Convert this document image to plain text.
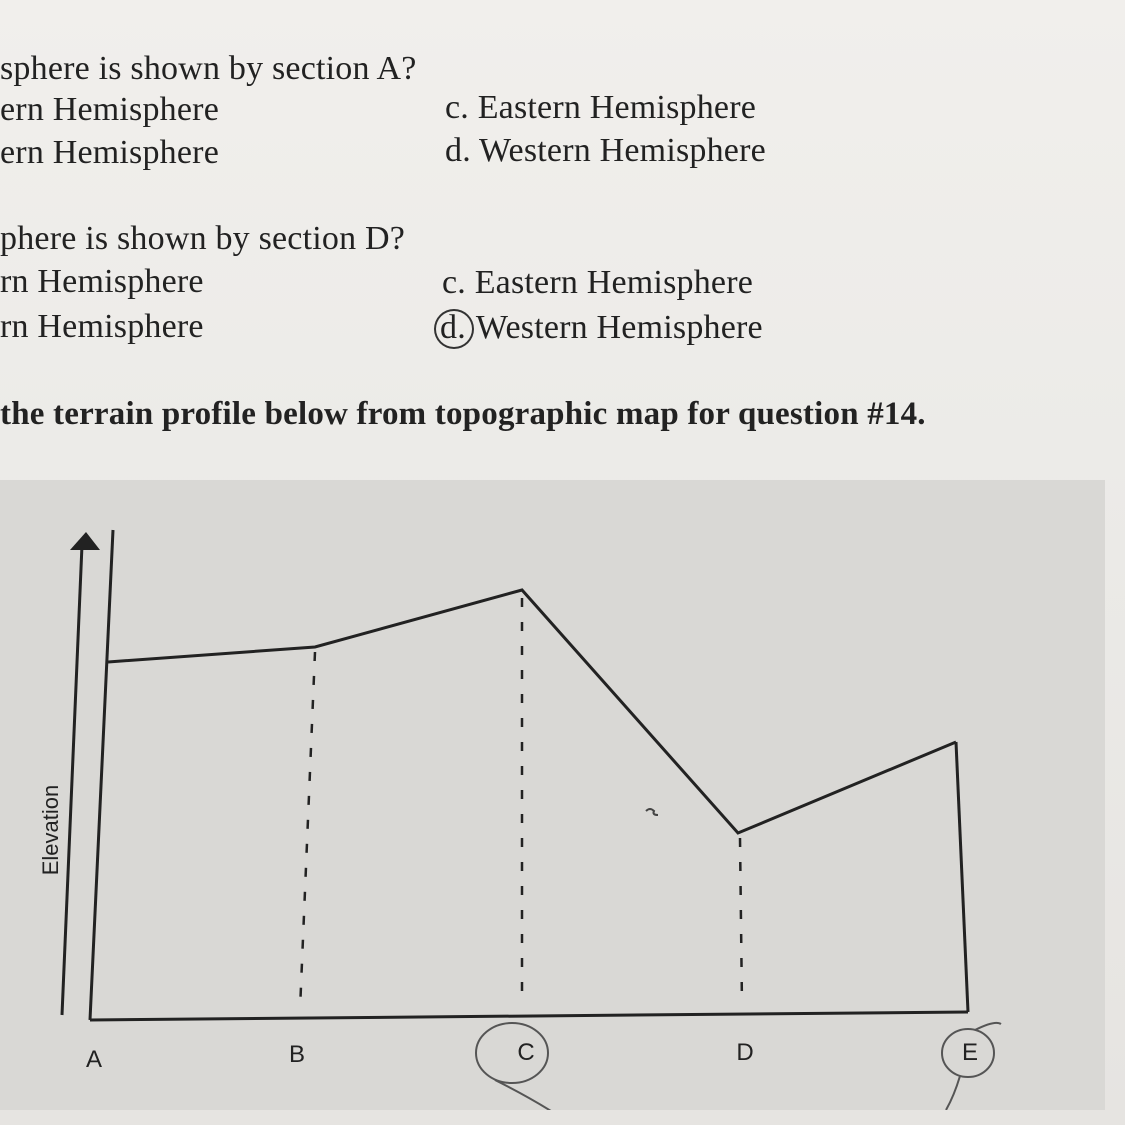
sphere is shown by section A?
ern Hemisphere	c. Eastern Hemisphere
ern Hemisphere	d. Western Hemisphere
phere is shown by section D?
rn Hemisphere	c. Eastern Hemisphere
rn Hemisphere	d. Western Hemisphere
the terrain profile below from topographic map for question #14.
Elevation
A	B	C	D	E
